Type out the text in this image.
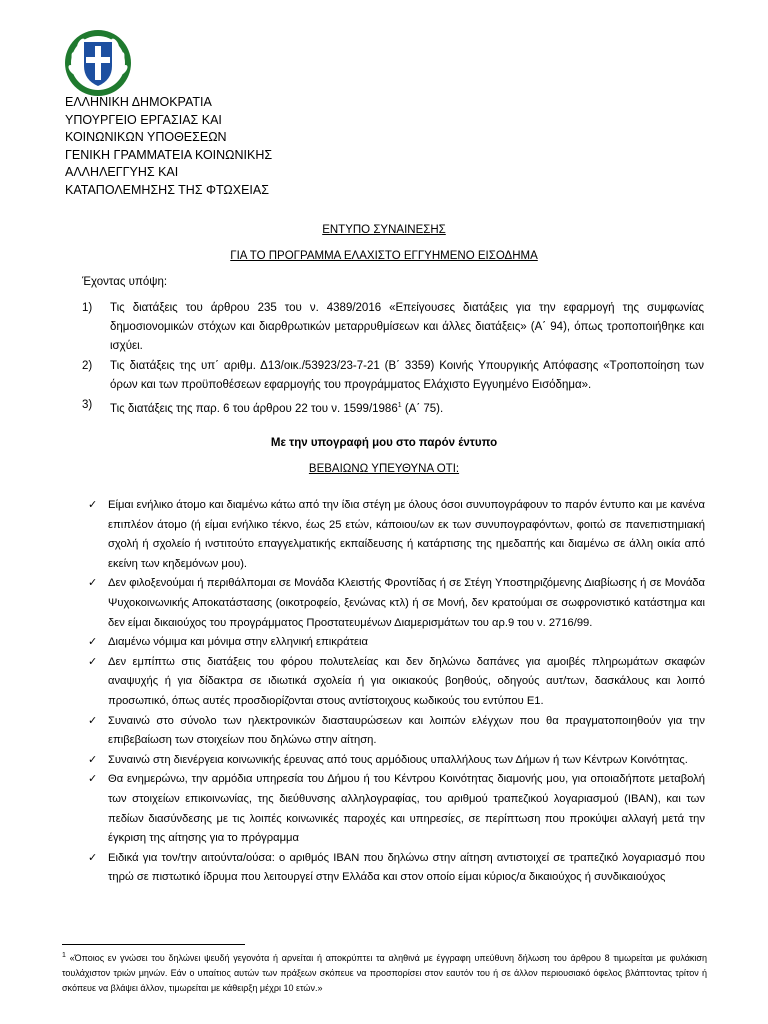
ΕΛΛΗΝΙΚΗ ΔΗΜΟΚΡΑΤΙΑ
ΥΠΟΥΡΓΕΙΟ ΕΡΓΑΣΙΑΣ ΚΑΙ
ΚΟΙΝΩΝΙΚΩΝ ΥΠΟΘΕΣΕΩΝ
ΓΕΝΙΚΗ ΓΡΑΜΜΑΤΕΙΑ ΚΟΙΝΩΝΙΚΗΣ
ΑΛΛΗΛΕΓΓΥΗΣ ΚΑΙ
ΚΑΤΑΠΟΛΕΜΗΣΗΣ ΤΗΣ ΦΤΩΧΕΙΑΣ
ΕΝΤΥΠΟ ΣΥΝΑΙΝΕΣΗΣ
ΓΙΑ ΤΟ ΠΡΟΓΡΑΜΜΑ ΕΛΑΧΙΣΤΟ ΕΓΓΥΗΜΕΝΟ ΕΙΣΟΔΗΜΑ
Έχοντας υπόψη:
1)	Τις διατάξεις του άρθρου 235 του ν. 4389/2016 «Επείγουσες διατάξεις για την εφαρμογή της συμφωνίας δημοσιονομικών στόχων και διαρθρωτικών μεταρρυθμίσεων και άλλες διατάξεις» (Α΄ 94), όπως τροποποιήθηκε και ισχύει.
2)	Τις διατάξεις της υπ΄ αριθμ. Δ13/οικ./53923/23-7-21 (Β΄ 3359) Κοινής Υπουργικής Απόφασης «Τροποποίηση των όρων και των προϋποθέσεων εφαρμογής του προγράμματος Ελάχιστο Εγγυημένο Εισόδημα».
3)	Τις διατάξεις της παρ. 6 του άρθρου 22 του ν. 1599/1986$^1$ (Α΄ 75).
Με την υπογραφή μου στο παρόν έντυπο
ΒΕΒΑΙΩΝΩ ΥΠΕΥΘΥΝΑ ΟΤΙ:
✓ Είμαι ενήλικο άτομο και διαμένω κάτω από την ίδια στέγη με όλους όσοι συνυπογράφουν το παρόν έντυπο και με κανένα επιπλέον άτομο (ή είμαι ενήλικο τέκνο, έως 25 ετών, κάποιου/ων εκ των συνυπογραφόντων, φοιτώ σε πανεπιστημιακή σχολή ή σχολείο ή ινστιτούτο επαγγελματικής εκπαίδευσης ή κατάρτισης της ημεδαπής και διαμένω σε άλλη οικία από εκείνη των κηδεμόνων μου).
✓ Δεν φιλοξενούμαι ή περιθάλπομαι σε Μονάδα Κλειστής Φροντίδας ή σε Στέγη Υποστηριζόμενης Διαβίωσης ή σε Μονάδα Ψυχοκοινωνικής Αποκατάστασης (οικοτροφείο, ξενώνας κτλ) ή σε Μονή, δεν κρατούμαι σε σωφρονιστικό κατάστημα και δεν είμαι δικαιούχος του προγράμματος Προστατευμένων Διαμερισμάτων του αρ.9 του ν. 2716/99.
✓ Διαμένω νόμιμα και μόνιμα στην ελληνική επικράτεια
✓ Δεν εμπίπτω στις διατάξεις του φόρου πολυτελείας και δεν δηλώνω δαπάνες για αμοιβές πληρωμάτων σκαφών αναψυχής ή για δίδακτρα σε ιδιωτικά σχολεία ή για οικιακούς βοηθούς, οδηγούς αυτ/των, δασκάλους και λοιπό προσωπικό, όπως αυτές προσδιορίζονται στους αντίστοιχους κωδικούς του εντύπου Ε1.
✓ Συναινώ στο σύνολο των ηλεκτρονικών διασταυρώσεων και λοιπών ελέγχων που θα πραγματοποιηθούν για την επιβεβαίωση των στοιχείων που δηλώνω στην αίτηση.
✓ Συναινώ στη διενέργεια κοινωνικής έρευνας από τους αρμόδιους υπαλλήλους των Δήμων ή των Κέντρων Κοινότητας.
✓ Θα ενημερώνω, την αρμόδια υπηρεσία του Δήμου ή του Κέντρου Κοινότητας διαμονής μου, για οποιαδήποτε μεταβολή των στοιχείων επικοινωνίας, της διεύθυνσης αλληλογραφίας, του αριθμού τραπεζικού λογαριασμού (IBAN), και των πεδίων διασύνδεσης με τις λοιπές κοινωνικές παροχές και υπηρεσίες, σε περίπτωση που προκύψει αλλαγή μετά την έγκριση της αίτησης για το πρόγραμμα
✓ Ειδικά για τον/την αιτούντα/ούσα: ο αριθμός IBAN που δηλώνω στην αίτηση αντιστοιχεί σε τραπεζικό λογαριασμό που τηρώ σε πιστωτικό ίδρυμα που λειτουργεί στην Ελλάδα και στον οποίο είμαι κύριος/α δικαιούχος ή συνδικαιούχος
$^1$ «Όποιος εν γνώσει του δηλώνει ψευδή γεγονότα ή αρνείται ή αποκρύπτει τα αληθινά με έγγραφη υπεύθυνη δήλωση του άρθρου 8 τιμωρείται με φυλάκιση τουλάχιστον τριών μηνών. Εάν ο υπαίτιος αυτών των πράξεων σκόπευε να προσπορίσει στον εαυτόν του ή σε άλλον περιουσιακό όφελος βλάπτοντας τρίτον ή σκόπευε να βλάψει άλλον, τιμωρείται με κάθειρξη μέχρι 10 ετών.»
